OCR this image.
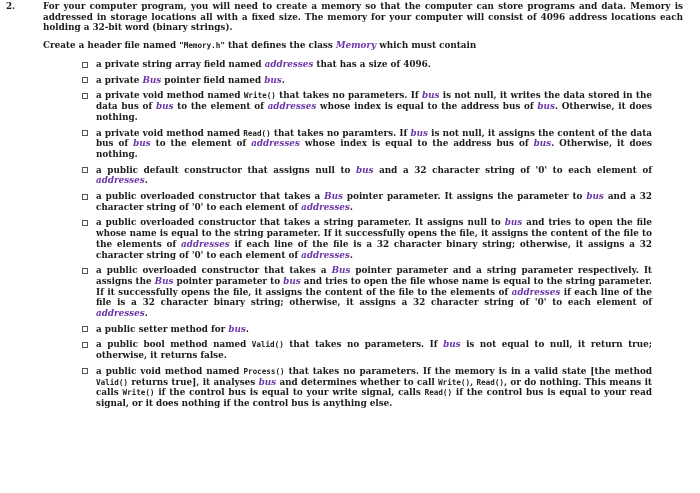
2.	For your computer program, you will need to create a memory so that the computer can store programs and data. Memory is addressed in storage locations all with a fixed size. The memory for your computer will consist of 4096 address locations each holding a 32-bit word (binary strings).

Create a header file named "Memory.h" that defines the class Memory which must contain

a private string array field named addresses that has a size of 4096.
a private Bus pointer field named bus.
a private void method named Write() that takes no parameters. If bus is not null, it writes the data stored in the data bus of bus to the element of addresses whose index is equal to the address bus of bus. Otherwise, it does nothing.
a private void method named Read() that takes no paramters. If bus is not null, it assigns the content of the data bus of bus to the element of addresses whose index is equal to the address bus of bus. Otherwise, it does nothing.
a public default constructor that assigns null to bus and a 32 character string of '0' to each element of addresses.
a public overloaded constructor that takes a Bus pointer parameter. It assigns the parameter to bus and a 32 character string of '0' to each element of addresses.
a public overloaded constructor that takes a string parameter. It assigns null to bus and tries to open the file whose name is equal to the string parameter. If it successfully opens the file, it assigns the content of the file to the elements of addresses if each line of the file is a 32 character binary string; otherwise, it assigns a 32 character string of '0' to each element of addresses.
a public overloaded constructor that takes a Bus pointer parameter and a string parameter respectively. It assigns the Bus pointer parameter to bus and tries to open the file whose name is equal to the string parameter. If it successfully opens the file, it assigns the content of the file to the elements of addresses if each line of the file is a 32 character binary string; otherwise, it assigns a 32 character string of '0' to each element of addresses.
a public setter method for bus.
a public bool method named Valid() that takes no parameters. If bus is not equal to null, it return true; otherwise, it returns false.
a public void method named Process() that takes no parameters. If the memory is in a valid state [the method Valid() returns true], it analyses bus and determines whether to call Write(), Read(), or do nothing. This means it calls Write() if the control bus is equal to your write signal, calls Read() if the control bus is equal to your read signal, or it does nothing if the control bus is anything else.
